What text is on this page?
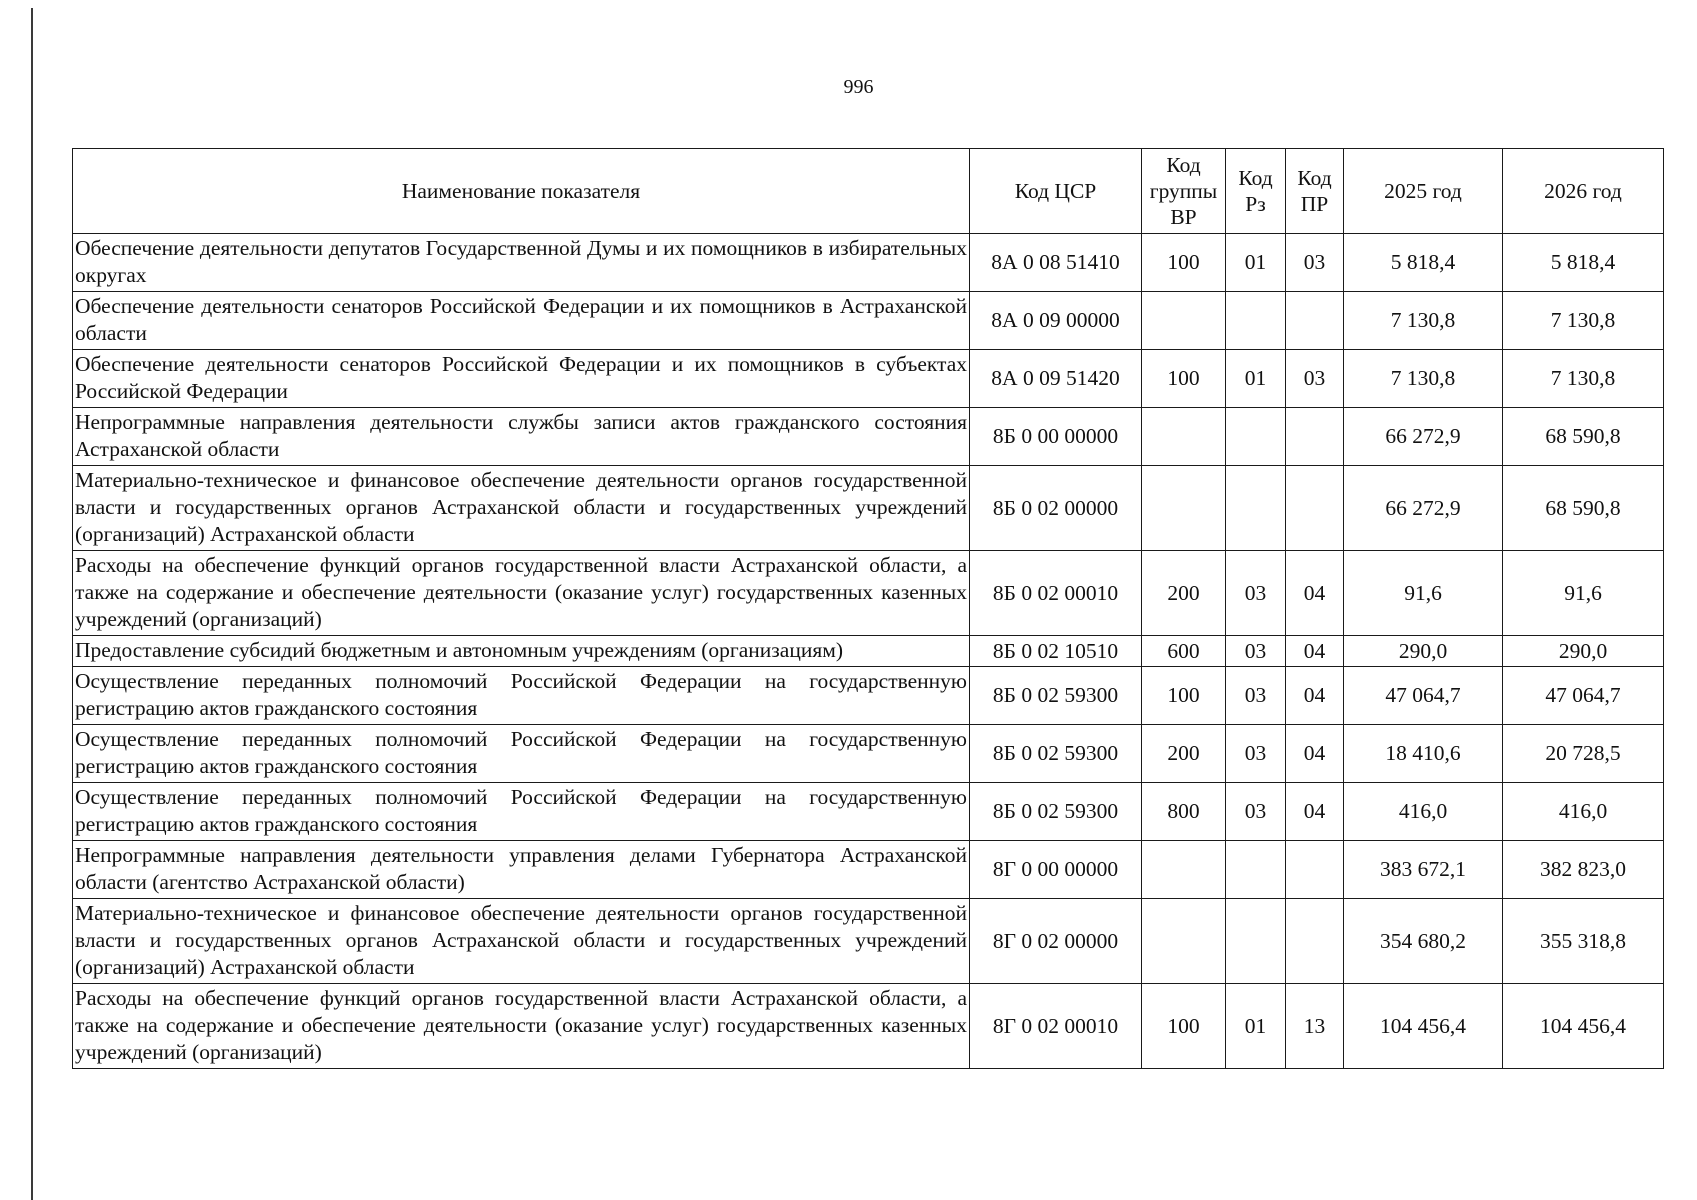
996
Наименование показателя	Код ЦСР	Код группы ВР	Код Рз	Код ПР	2025 год	2026 год
Обеспечение деятельности депутатов Государственной Думы и их помощников в избирательных округах	8А 0 08 51410	100	01	03	5 818,4	5 818,4
Обеспечение деятельности сенаторов Российской Федерации и их помощников в Астраханской области	8А 0 09 00000				7 130,8	7 130,8
Обеспечение деятельности сенаторов Российской Федерации и их помощников в субъектах Российской Федерации	8А 0 09 51420	100	01	03	7 130,8	7 130,8
Непрограммные направления деятельности службы записи актов гражданского состояния Астраханской области	8Б 0 00 00000				66 272,9	68 590,8
Материально-техническое и финансовое обеспечение деятельности органов государственной власти и государственных органов Астраханской области и государственных учреждений (организаций) Астраханской области	8Б 0 02 00000				66 272,9	68 590,8
Расходы на обеспечение функций органов государственной власти Астраханской области, а также на содержание и обеспечение деятельности (оказание услуг) государственных казенных учреждений (организаций)	8Б 0 02 00010	200	03	04	91,6	91,6
Предоставление субсидий бюджетным и автономным учреждениям (организациям)	8Б 0 02 10510	600	03	04	290,0	290,0
Осуществление переданных полномочий Российской Федерации на государственную регистрацию актов гражданского состояния	8Б 0 02 59300	100	03	04	47 064,7	47 064,7
Осуществление переданных полномочий Российской Федерации на государственную регистрацию актов гражданского состояния	8Б 0 02 59300	200	03	04	18 410,6	20 728,5
Осуществление переданных полномочий Российской Федерации на государственную регистрацию актов гражданского состояния	8Б 0 02 59300	800	03	04	416,0	416,0
Непрограммные направления деятельности управления делами Губернатора Астраханской области (агентство Астраханской области)	8Г 0 00 00000				383 672,1	382 823,0
Материально-техническое и финансовое обеспечение деятельности органов государственной власти и государственных органов Астраханской области и государственных учреждений (организаций) Астраханской области	8Г 0 02 00000				354 680,2	355 318,8
Расходы на обеспечение функций органов государственной власти Астраханской области, а также на содержание и обеспечение деятельности (оказание услуг) государственных казенных учреждений (организаций)	8Г 0 02 00010	100	01	13	104 456,4	104 456,4
